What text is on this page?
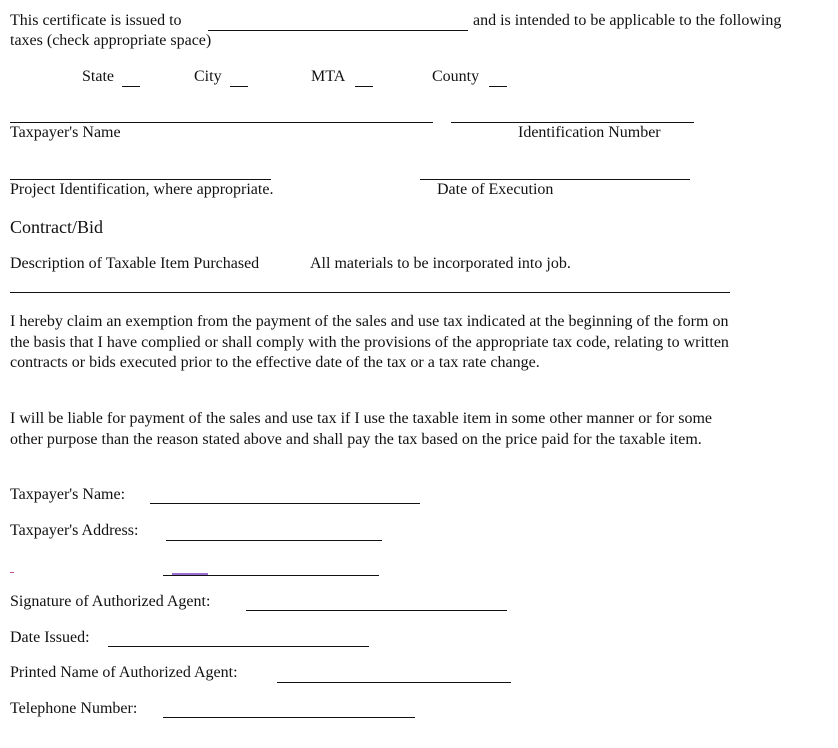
This certificate is issued to	and is intended to be applicable to the following
taxes (check appropriate space)
State	City	MTA	County
Taxpayer's Name	Identification Number
Project Identification, where appropriate.	Date of Execution
Contract/Bid
Description of Taxable Item Purchased	All materials to be incorporated into job.
I hereby claim an exemption from the payment of the sales and use tax indicated at the beginning of the form on the basis that I have complied or shall comply with the provisions of the appropriate tax code, relating to written contracts or bids executed prior to the effective date of the tax or a tax rate change.
I will be liable for payment of the sales and use tax if I use the taxable item in some other manner or for some other purpose than the reason stated above and shall pay the tax based on the price paid for the taxable item.
Taxpayer's Name:
Taxpayer's Address:
Signature of Authorized Agent:
Date Issued:
Printed Name of Authorized Agent:
Telephone Number:
